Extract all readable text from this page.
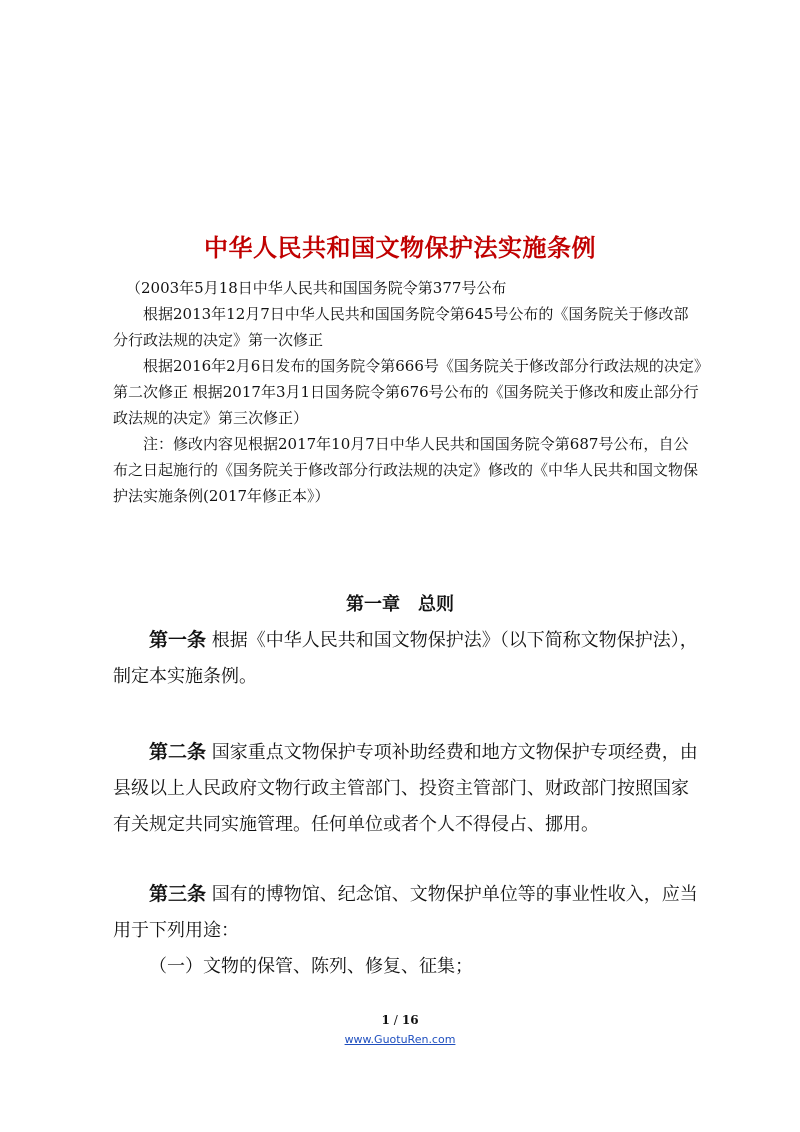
中华人民共和国文物保护法实施条例

（2003年5月18日中华人民共和国国务院令第377号公布

根据2013年12月7日中华人民共和国国务院令第645号公布的《国务院关于修改部分行政法规的决定》第一次修正

根据2016年2月6日发布的国务院令第666号《国务院关于修改部分行政法规的决定》第二次修正 根据2017年3月1日国务院令第676号公布的《国务院关于修改和废止部分行政法规的决定》第三次修正）

注：修改内容见根据2017年10月7日中华人民共和国国务院令第687号公布，自公布之日起施行的《国务院关于修改部分行政法规的决定》修改的《中华人民共和国文物保护法实施条例(2017年修正本》）

第一章　总则

第一条 根据《中华人民共和国文物保护法》（以下简称文物保护法），制定本实施条例。

第二条 国家重点文物保护专项补助经费和地方文物保护专项经费，由县级以上人民政府文物行政主管部门、投资主管部门、财政部门按照国家有关规定共同实施管理。任何单位或者个人不得侵占、挪用。

第三条 国有的博物馆、纪念馆、文物保护单位等的事业性收入，应当用于下列用途：

（一）文物的保管、陈列、修复、征集；

1 / 16
www.GuotuRen.com
